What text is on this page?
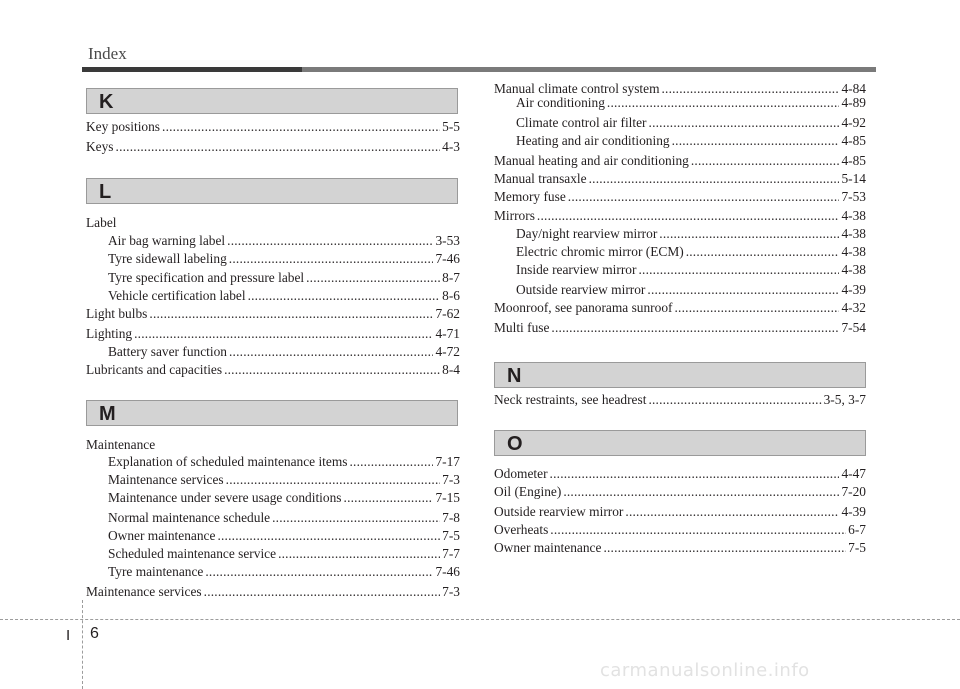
Index
K
Key positions .....	5-5
Keys .....	4-3
L
Label
Air bag warning label .....	3-53
Tyre sidewall labeling .....	7-46
Tyre specification and pressure label .....	8-7
Vehicle certification label .....	8-6
Light bulbs .....	7-62
Lighting .....	4-71
Battery saver function .....	4-72
Lubricants and capacities .....	8-4
M
Maintenance
Explanation of scheduled maintenance items .....	7-17
Maintenance services .....	7-3
Maintenance under severe usage conditions .....	7-15
Normal maintenance schedule .....	7-8
Owner maintenance .....	7-5
Scheduled maintenance service .....	7-7
Tyre maintenance .....	7-46
Maintenance services .....	7-3
Manual climate control system .....	4-84
Air conditioning .....	4-89
Climate control air filter .....	4-92
Heating and air conditioning .....	4-85
Manual heating and air conditioning .....	4-85
Manual transaxle .....	5-14
Memory fuse .....	7-53
Mirrors .....	4-38
Day/night rearview mirror .....	4-38
Electric chromic mirror (ECM) .....	4-38
Inside rearview mirror .....	4-38
Outside rearview mirror .....	4-39
Moonroof, see panorama sunroof .....	4-32
Multi fuse .....	7-54
N
Neck restraints, see headrest .....	3-5, 3-7
O
Odometer .....	4-47
Oil (Engine) .....	7-20
Outside rearview mirror .....	4-39
Overheats .....	6-7
Owner maintenance .....	7-5
I 6
carmanualsonline.info
